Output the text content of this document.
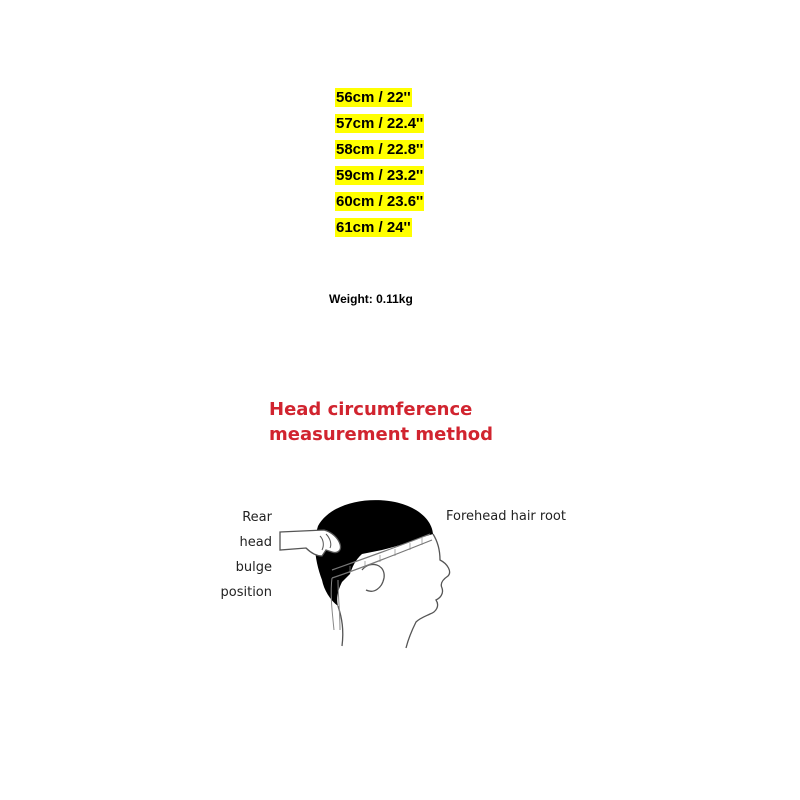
56cm / 22''
57cm / 22.4''
58cm / 22.8''
59cm / 23.2''
60cm / 23.6''
61cm / 24''
Weight: 0.11kg
Head circumference
measurement method
Rear
head
bulge
position
Forehead hair root
